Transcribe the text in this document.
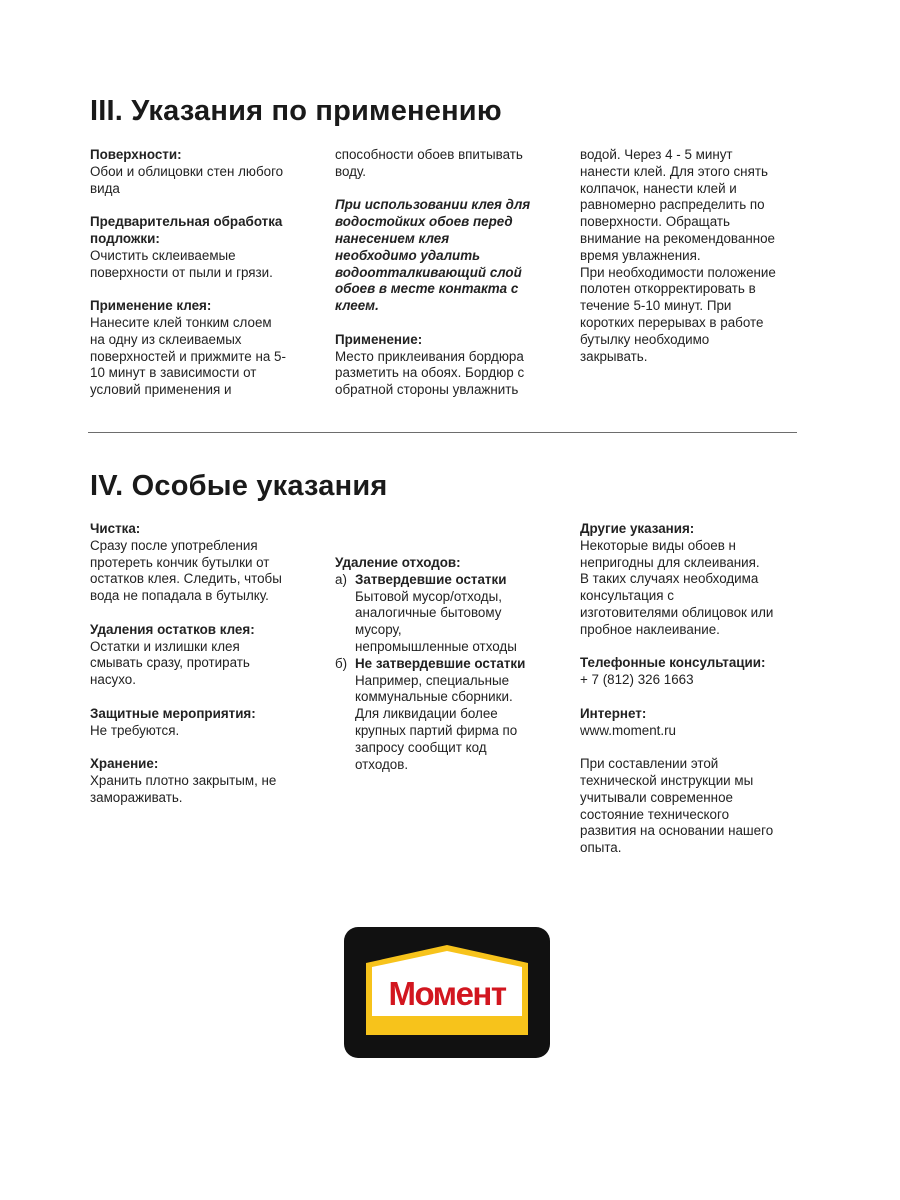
III. Указания по применению

Поверхности:

Обои и облицовки стен любого

вида

Предварительная обработка

подложки:

Очистить склеиваемые

поверхности от пыли и грязи.

Применение клея:

Нанесите клей тонким слоем

на одну из склеиваемых

поверхностей и прижмите на 5-

10 минут в зависимости от

условий применения и

способности обоев впитывать

воду.

При использовании клея для

водостойких обоев перед

нанесением клея

необходимо удалить

водоотталкивающий слой

обоев в месте контакта с

клеем.

Применение:

Место приклеивания бордюра

разметить на обоях. Бордюр с

обратной стороны увлажнить

водой. Через 4 - 5 минут

нанести клей. Для этого снять

колпачок, нанести клей и

равномерно распределить по

поверхности. Обращать

внимание на рекомендованное

время увлажнения.

При необходимости положение

полотен откорректировать в

течение 5-10 минут. При

коротких перерывах в работе

бутылку необходимо

закрывать.

IV. Особые указания

Чистка:

Сразу после употребления

протереть кончик бутылки от

остатков клея. Следить, чтобы

вода не попадала в бутылку.

Удаления остатков клея:

Остатки и излишки клея

смывать сразу, протирать

насухо.

Защитные мероприятия:

Не требуются.

Хранение:

Хранить плотно закрытым, не

замораживать.

Удаление отходов:

а) Затвердевшие остатки

Бытовой мусор/отходы,

аналогичные бытовому

мусору,

непромышленные отходы

б) Не затвердевшие остатки

Например, специальные

коммунальные сборники.

Для ликвидации более

крупных партий фирма по

запросу сообщит код

отходов.

Другие указания:

Некоторые виды обоев н

непригодны для склеивания.

В таких случаях необходима

консультация с

изготовителями облицовок или

пробное наклеивание.

Телефонные консультации:

+ 7 (812) 326 1663

Интернет:

www.moment.ru

При составлении этой

технической инструкции мы

учитывали современное

состояние технического

развития на основании нашего

опыта.

Момент
